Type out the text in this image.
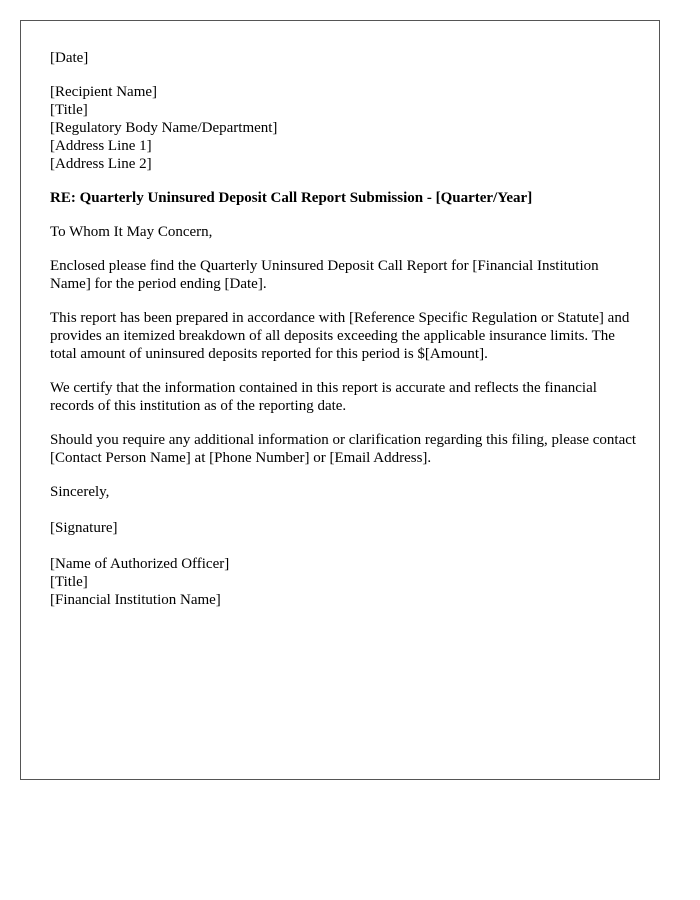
[Date]
[Recipient Name]
[Title]
[Regulatory Body Name/Department]
[Address Line 1]
[Address Line 2]
RE: Quarterly Uninsured Deposit Call Report Submission - [Quarter/Year]
To Whom It May Concern,
Enclosed please find the Quarterly Uninsured Deposit Call Report for [Financial Institution Name] for the period ending [Date].
This report has been prepared in accordance with [Reference Specific Regulation or Statute] and provides an itemized breakdown of all deposits exceeding the applicable insurance limits. The total amount of uninsured deposits reported for this period is $[Amount].
We certify that the information contained in this report is accurate and reflects the financial records of this institution as of the reporting date.
Should you require any additional information or clarification regarding this filing, please contact [Contact Person Name] at [Phone Number] or [Email Address].
Sincerely,
[Signature]
[Name of Authorized Officer]
[Title]
[Financial Institution Name]
